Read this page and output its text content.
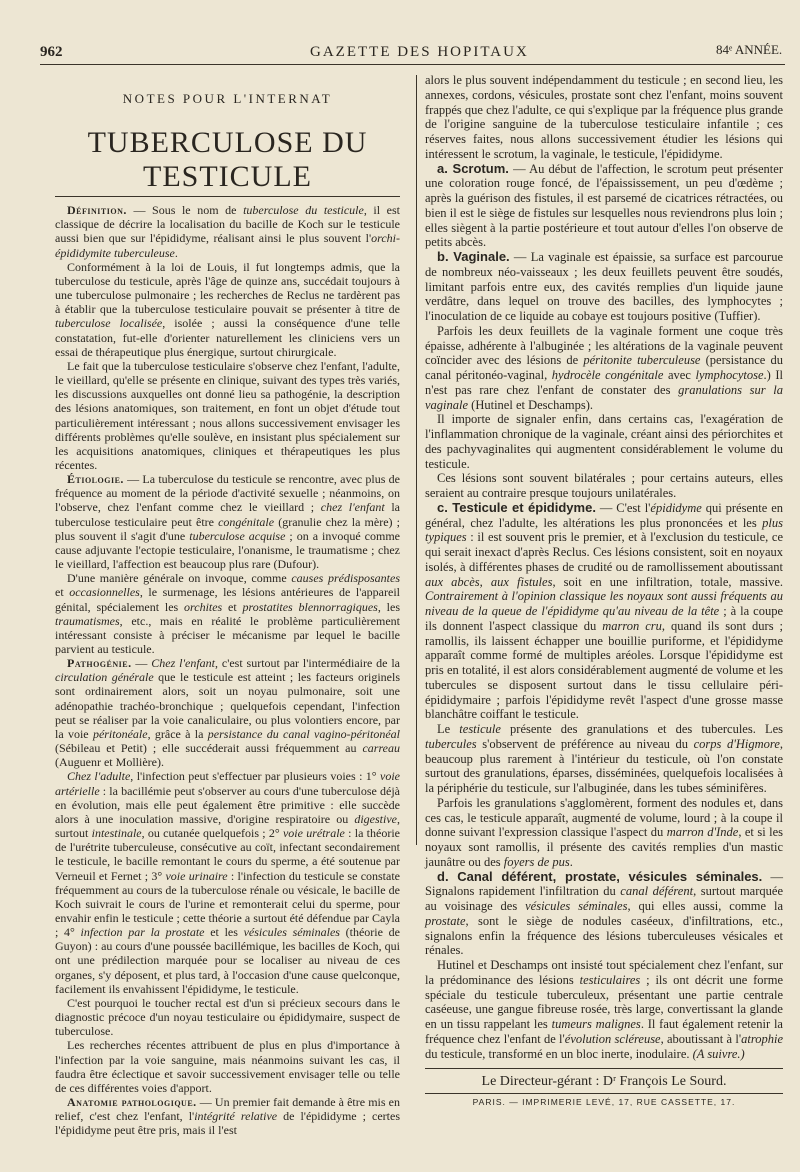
962	GAZETTE DES HOPITAUX	84ᵉ ANNÉE.
NOTES POUR L'INTERNAT
TUBERCULOSE DU TESTICULE

Définition. — Sous le nom de tuberculose du testicule, il est classique de décrire la localisation du bacille de Koch sur le testicule aussi bien que sur l'épididyme, réalisant ainsi le plus souvent l'orchi-épididymite tuberculeuse.

Conformément à la loi de Louis, il fut longtemps admis, que la tuberculose du testicule, après l'âge de quinze ans, succédait toujours à une tuberculose pulmonaire ; les recherches de Reclus ne tardèrent pas à établir que la tuberculose testiculaire pouvait se présenter à titre de tuberculose localisée, isolée ; aussi la conséquence d'une telle constatation, fut-elle d'orienter naturellement les cliniciens vers un essai de thérapeutique plus énergique, surtout chirurgicale.

Le fait que la tuberculose testiculaire s'observe chez l'enfant, l'adulte, le vieillard, qu'elle se présente en clinique, suivant des types très variés, les discussions auxquelles ont donné lieu sa pathogénie, la description des lésions anatomiques, son traitement, en font un objet d'étude tout particulièrement intéressant ; nous allons successivement envisager les différents problèmes qu'elle soulève, en insistant plus spécialement sur les acquisitions anatomiques, cliniques et thérapeutiques les plus récentes.

Étiologie. — La tuberculose du testicule se rencontre, avec plus de fréquence au moment de la période d'activité sexuelle ; néanmoins, on l'observe, chez l'enfant comme chez le vieillard ; chez l'enfant la tuberculose testiculaire peut être congénitale (granulie chez la mère) ; plus souvent il s'agit d'une tuberculose acquise ; on a invoqué comme cause adjuvante l'ectopie testiculaire, l'onanisme, le traumatisme ; chez le vieillard, l'affection est beaucoup plus rare (Dufour).

D'une manière générale on invoque, comme causes prédisposantes et occasionnelles, le surmenage, les lésions antérieures de l'appareil génital, spécialement les orchites et prostatites blennorragiques, les traumatismes, etc., mais en réalité le problème particulièrement intéressant consiste à préciser le mécanisme par lequel le bacille parvient au testicule.

Pathogénie. — Chez l'enfant, c'est surtout par l'intermédiaire de la circulation générale que le testicule est atteint ; les facteurs originels sont ordinairement alors, soit un noyau pulmonaire, soit une adénopathie trachéo-bronchique ; quelquefois cependant, l'infection peut se réaliser par la voie canaliculaire, ou plus volontiers encore, par la voie péritonéale, grâce à la persistance du canal vagino-péritonéal (Sébileau et Petit) ; elle succéderait aussi fréquemment au carreau (Auguenr et Mollière).

Chez l'adulte, l'infection peut s'effectuer par plusieurs voies : 1° voie artérielle : la bacillémie peut s'observer au cours d'une tuberculose déjà en évolution, mais elle peut également être primitive : elle succède alors à une inoculation massive, d'origine respiratoire ou digestive, surtout intestinale, ou cutanée quelquefois ; 2° voie urétrale : la théorie de l'urétrite tuberculeuse, consécutive au coït, infectant secondairement le testicule, le bacille remontant le cours du sperme, a été soutenue par Verneuil et Fernet ; 3° voie urinaire : l'infection du testicule se constate fréquemment au cours de la tuberculose rénale ou vésicale, le bacille de Koch suivrait le cours de l'urine et remonterait celui du sperme, pour envahir enfin le testicule ; cette théorie a surtout été défendue par Cayla ; 4° infection par la prostate et les vésicules séminales (théorie de Guyon) : au cours d'une poussée bacillémique, les bacilles de Koch, qui ont une prédilection marquée pour se localiser au niveau de ces organes, s'y déposent, et plus tard, à l'occasion d'une cause quelconque, facilement ils envahissent l'épididyme, le testicule.

C'est pourquoi le toucher rectal est d'un si précieux secours dans le diagnostic précoce d'un noyau testiculaire ou épididymaire, suspect de tuberculose.

Les recherches récentes attribuent de plus en plus d'importance à l'infection par la voie sanguine, mais néanmoins suivant les cas, il faudra être éclectique et savoir successivement envisager telle ou telle de ces différentes voies d'apport.

Anatomie pathologique. — Un premier fait demande à être mis en relief, c'est chez l'enfant, l'intégrité relative de l'épididyme ; certes l'épididyme peut être pris, mais il l'est

alors le plus souvent indépendamment du testicule ; en second lieu, les annexes, cordons, vésicules, prostate sont chez l'enfant, moins souvent frappés que chez l'adulte, ce qui s'explique par la fréquence plus grande de l'origine sanguine de la tuberculose testiculaire infantile ; ces réserves faites, nous allons successivement étudier les lésions qui intéressent le scrotum, la vaginale, le testicule, l'épididyme.

a. Scrotum. — Au début de l'affection, le scrotum peut présenter une coloration rouge foncé, de l'épaississement, un peu d'œdème ; après la guérison des fistules, il est parsemé de cicatrices rétractées, ou bien il est le siège de fistules sur lesquelles nous reviendrons plus loin ; elles siègent à la partie postérieure et tout autour d'elles l'on observe de petits abcès.

b. Vaginale. — La vaginale est épaissie, sa surface est parcourue de nombreux néo-vaisseaux ; les deux feuillets peuvent être soudés, limitant parfois entre eux, des cavités remplies d'un liquide jaune verdâtre, dans lequel on trouve des bacilles, des lymphocytes ; l'inoculation de ce liquide au cobaye est toujours positive (Tuffier).

Parfois les deux feuillets de la vaginale forment une coque très épaisse, adhérente à l'albuginée ; les altérations de la vaginale peuvent coïncider avec des lésions de péritonite tuberculeuse (persistance du canal péritonéo-vaginal, hydrocèle congénitale avec lymphocytose.) Il n'est pas rare chez l'enfant de constater des granulations sur la vaginale (Hutinel et Deschamps).

Il importe de signaler enfin, dans certains cas, l'exagération de l'inflammation chronique de la vaginale, créant ainsi des périorchites et des pachyvaginalites qui augmentent considérablement le volume du testicule.

Ces lésions sont souvent bilatérales ; pour certains auteurs, elles seraient au contraire presque toujours unilatérales.

c. Testicule et épididyme. — C'est l'épididyme qui présente en général, chez l'adulte, les altérations les plus prononcées et les plus typiques : il est souvent pris le premier, et à l'exclusion du testicule, ce qui serait inexact d'après Reclus. Ces lésions consistent, soit en noyaux isolés, à différentes phases de crudité ou de ramollissement aboutissant aux abcès, aux fistules, soit en une infiltration, totale, massive. Contrairement à l'opinion classique les noyaux sont aussi fréquents au niveau de la queue de l'épididyme qu'au niveau de la tête ; à la coupe ils donnent l'aspect classique du marron cru, quand ils sont durs ; ramollis, ils laissent échapper une bouillie puriforme, et l'épididyme apparaît comme formé de multiples aréoles. Lorsque l'épididyme est pris en totalité, il est alors considérablement augmenté de volume et les tubercules se disposent surtout dans le tissu cellulaire péri-épididymaire ; parfois l'épididyme revêt l'aspect d'une grosse masse blanchâtre coiffant le testicule.

Le testicule présente des granulations et des tubercules. Les tubercules s'observent de préférence au niveau du corps d'Higmore, beaucoup plus rarement à l'intérieur du testicule, où l'on constate surtout des granulations, éparses, disséminées, quelquefois localisées à la périphérie du testicule, sur l'albuginée, dans les tubes séminifères.

Parfois les granulations s'agglomèrent, forment des nodules et, dans ces cas, le testicule apparaît, augmenté de volume, lourd ; à la coupe il donne suivant l'expression classique l'aspect du marron d'Inde, et si les noyaux sont ramollis, il présente des cavités remplies d'un mastic jaunâtre ou des foyers de pus.

d. Canal déférent, prostate, vésicules séminales. — Signalons rapidement l'infiltration du canal déférent, surtout marquée au voisinage des vésicules séminales, qui elles aussi, comme la prostate, sont le siège de nodules caséeux, d'infiltrations, etc., signalons enfin la fréquence des lésions tuberculeuses vésicales et rénales.

Hutinel et Deschamps ont insisté tout spécialement chez l'enfant, sur la prédominance des lésions testiculaires ; ils ont décrit une forme spéciale du testicule tuberculeux, présentant une partie centrale caséeuse, une gangue fibreuse rosée, très large, convertissant la glande en un tissu rappelant les tumeurs malignes. Il faut également retenir la fréquence chez l'enfant de l'évolution scléreuse, aboutissant à l'atrophie du testicule, transformé en un bloc inerte, inodulaire. (A suivre.)

Le Directeur-gérant : Dʳ François Le Sourd.
PARIS. — IMPRIMERIE LEVÉ, 17, RUE CASSETTE, 17.
